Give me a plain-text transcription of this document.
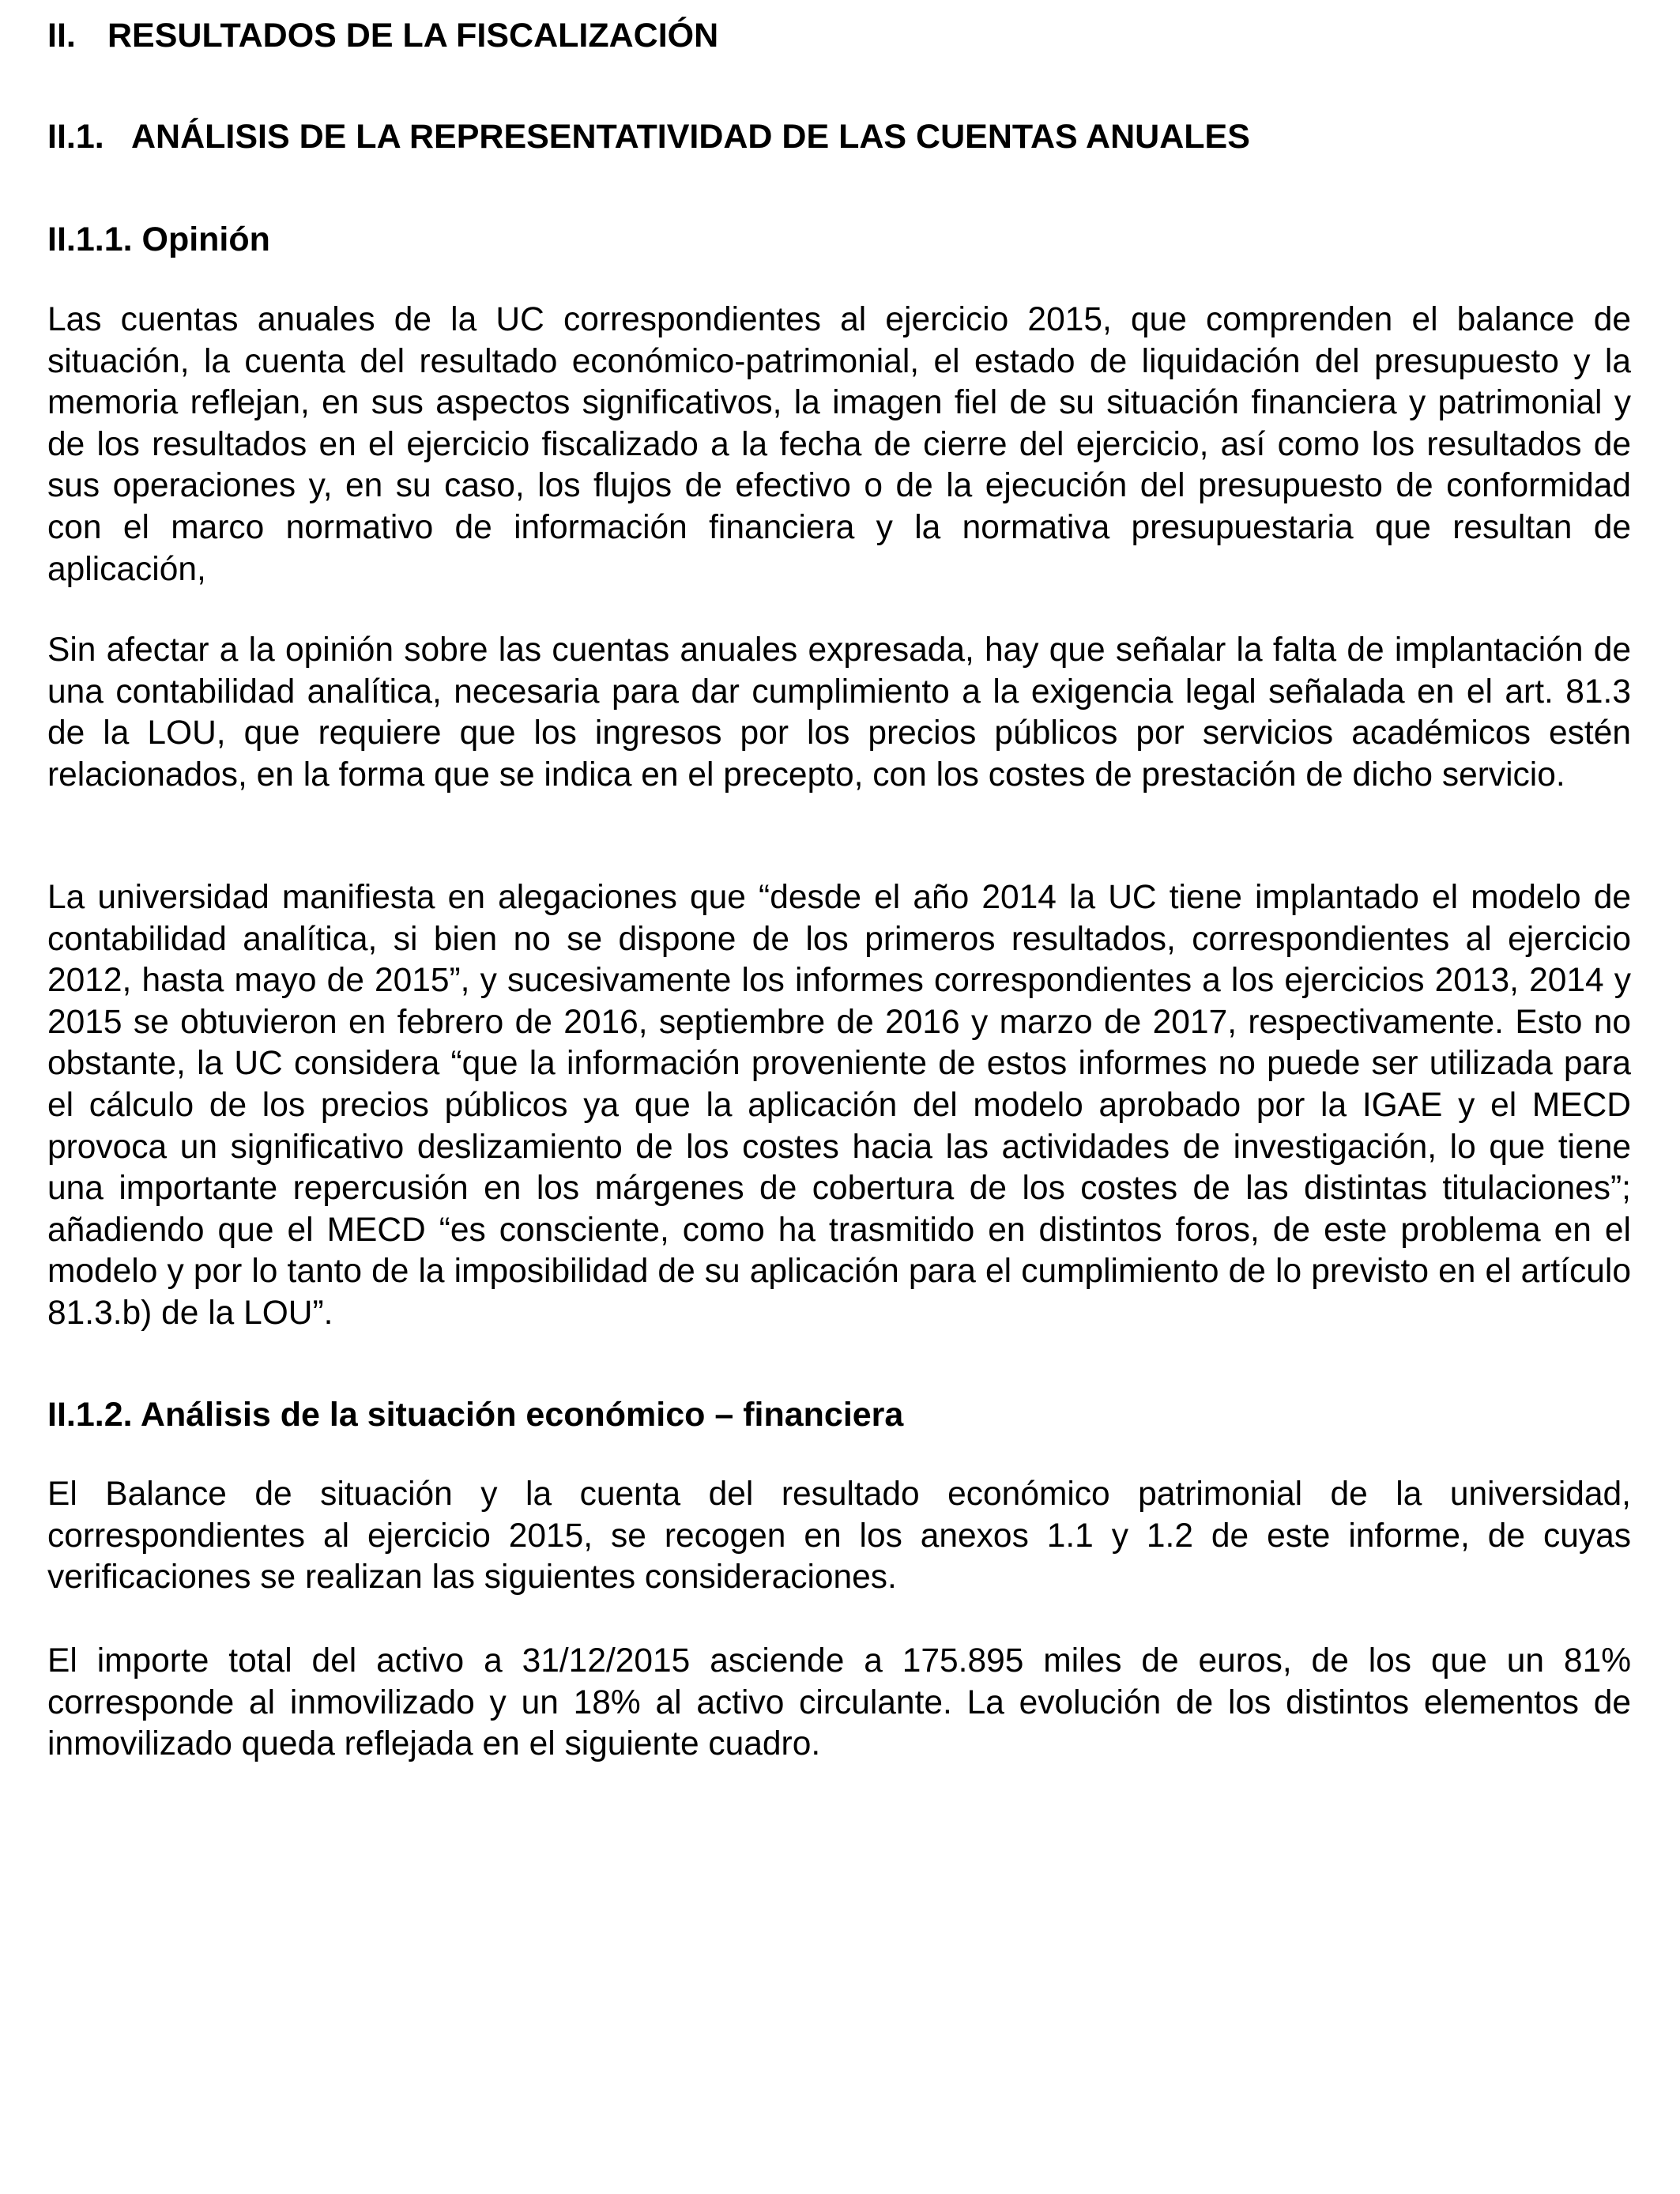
II. RESULTADOS DE LA FISCALIZACIÓN
II.1. ANÁLISIS DE LA REPRESENTATIVIDAD DE LAS CUENTAS ANUALES
II.1.1. Opinión

Las cuentas anuales de la UC correspondientes al ejercicio 2015, que comprenden el balance de situación, la cuenta del resultado económico-patrimonial, el estado de liquidación del presupuesto y la memoria reflejan, en sus aspectos significativos, la imagen fiel de su situación financiera y patrimonial y de los resultados en el ejercicio fiscalizado a la fecha de cierre del ejercicio, así como los resultados de sus operaciones y, en su caso, los flujos de efectivo o de la ejecución del presupuesto de conformidad con el marco normativo de información financiera y la normativa presupuestaria que resultan de aplicación,

Sin afectar a la opinión sobre las cuentas anuales expresada, hay que señalar la falta de implantación de una contabilidad analítica, necesaria para dar cumplimiento a la exigencia legal señalada en el art. 81.3 de la LOU, que requiere que los ingresos por los precios públicos por servicios académicos estén relacionados, en la forma que se indica en el precepto, con los costes de prestación de dicho servicio.

La universidad manifiesta en alegaciones que “desde el año 2014 la UC tiene implantado el modelo de contabilidad analítica, si bien no se dispone de los primeros resultados, correspondientes al ejercicio 2012, hasta mayo de 2015”, y sucesivamente los informes correspondientes a los ejercicios 2013, 2014 y 2015 se obtuvieron en febrero de 2016, septiembre de 2016 y marzo de 2017, respectivamente. Esto no obstante, la UC considera “que la información proveniente de estos informes no puede ser utilizada para el cálculo de los precios públicos ya que la aplicación del modelo aprobado por la IGAE y el MECD provoca un significativo deslizamiento de los costes hacia las actividades de investigación, lo que tiene una importante repercusión en los márgenes de cobertura de los costes de las distintas titulaciones”; añadiendo que el MECD “es consciente, como ha trasmitido en distintos foros, de este problema en el modelo y por lo tanto de la imposibilidad de su aplicación para el cumplimiento de lo previsto en el artículo 81.3.b) de la LOU”.

II.1.2. Análisis de la situación económico – financiera

El Balance de situación y la cuenta del resultado económico patrimonial de la universidad, correspondientes al ejercicio 2015, se recogen en los anexos 1.1 y 1.2 de este informe, de cuyas verificaciones se realizan las siguientes consideraciones.

El importe total del activo a 31/12/2015 asciende a 175.895 miles de euros, de los que un 81% corresponde al inmovilizado y un 18% al activo circulante. La evolución de los distintos elementos de inmovilizado queda reflejada en el siguiente cuadro.
